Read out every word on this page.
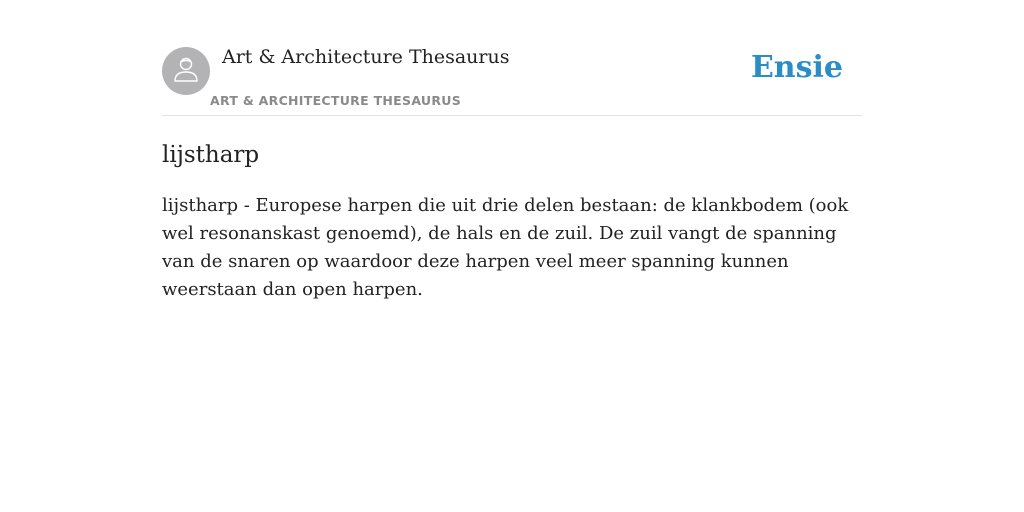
Art & Architecture Thesaurus
ART & ARCHITECTURE THESAURUS
Ensie
lijstharp

lijstharp - Europese harpen die uit drie delen bestaan: de klankbodem (ook wel resonanskast genoemd), de hals en de zuil. De zuil vangt de spanning van de snaren op waardoor deze harpen veel meer spanning kunnen weerstaan dan open harpen.
